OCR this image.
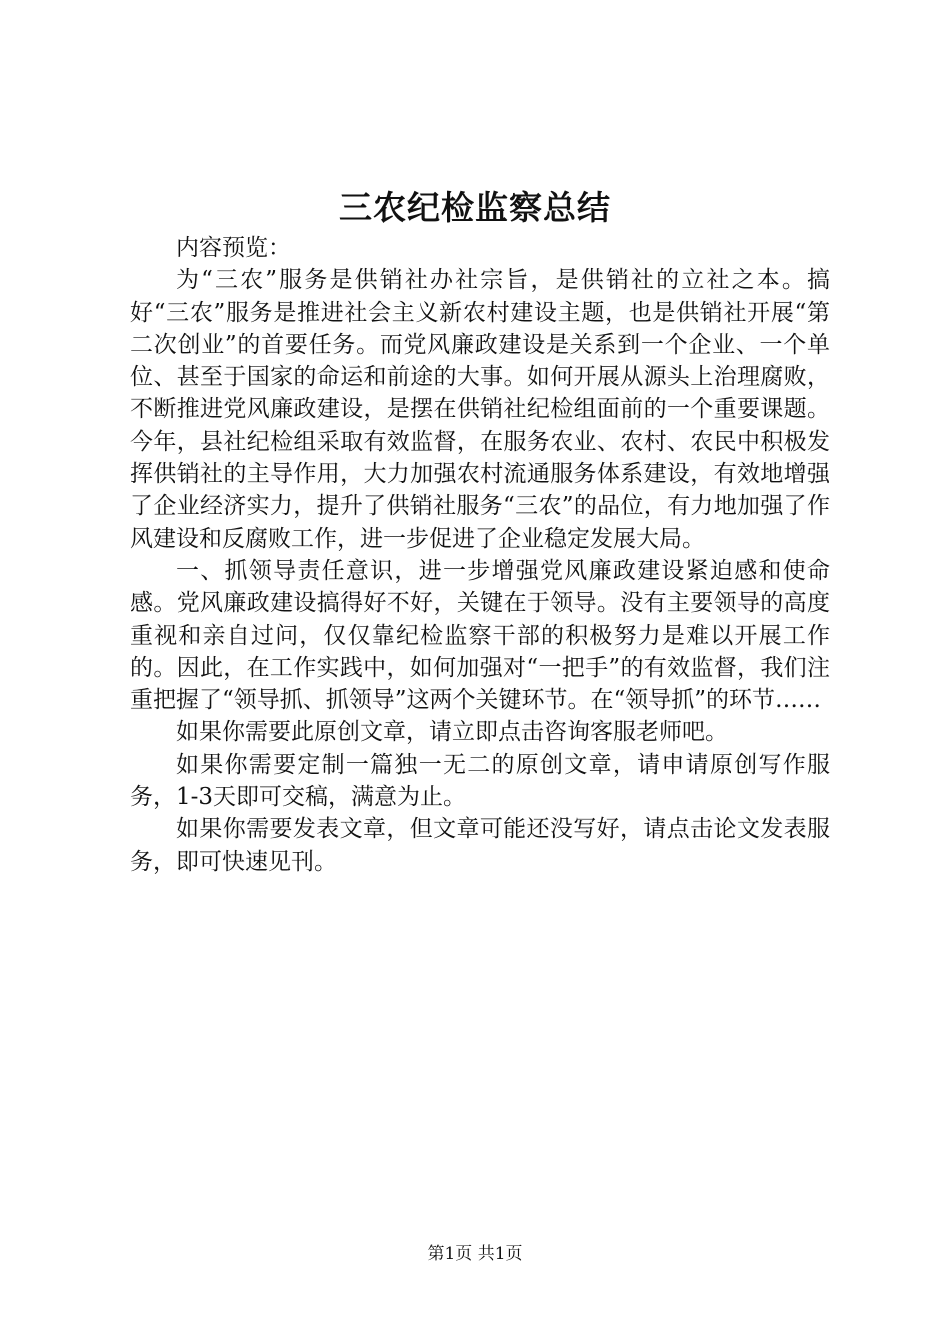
三农纪检监察总结

内容预览：

为“三农”服务是供销社办社宗旨，是供销社的立社之本。搞好“三农”服务是推进社会主义新农村建设主题，也是供销社开展“第二次创业”的首要任务。而党风廉政建设是关系到一个企业、一个单位、甚至于国家的命运和前途的大事。如何开展从源头上治理腐败，不断推进党风廉政建设，是摆在供销社纪检组面前的一个重要课题。今年，县社纪检组采取有效监督，在服务农业、农村、农民中积极发挥供销社的主导作用，大力加强农村流通服务体系建设，有效地增强了企业经济实力，提升了供销社服务“三农”的品位，有力地加强了作风建设和反腐败工作，进一步促进了企业稳定发展大局。

一、抓领导责任意识，进一步增强党风廉政建设紧迫感和使命感。党风廉政建设搞得好不好，关键在于领导。没有主要领导的高度重视和亲自过问，仅仅靠纪检监察干部的积极努力是难以开展工作的。因此，在工作实践中，如何加强对“一把手”的有效监督，我们注重把握了“领导抓、抓领导”这两个关键环节。在“领导抓”的环节……

如果你需要此原创文章，请立即点击咨询客服老师吧。

如果你需要定制一篇独一无二的原创文章，请申请原创写作服务，1-3天即可交稿，满意为止。

如果你需要发表文章，但文章可能还没写好，请点击论文发表服务，即可快速见刊。

第1页 共1页
